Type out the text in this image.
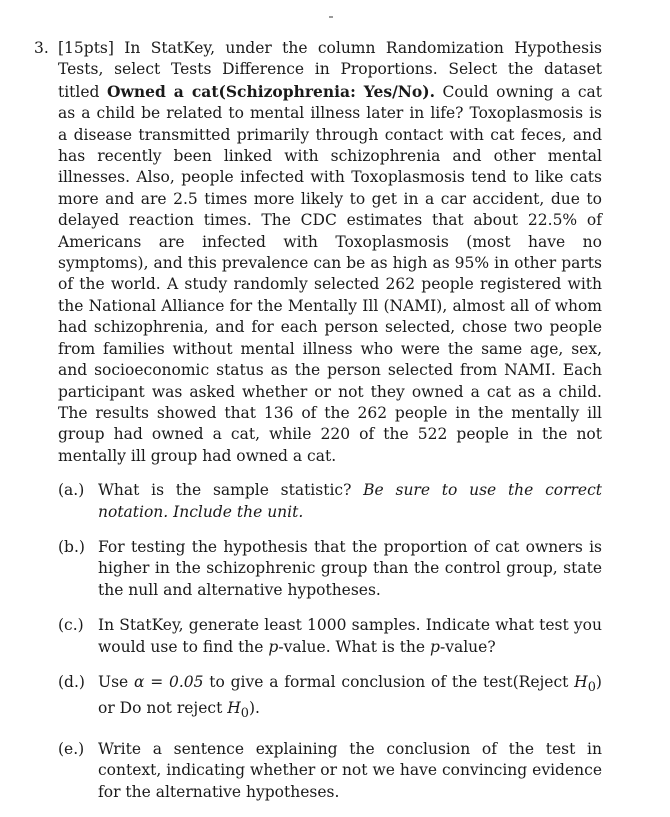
3. [15pts] In StatKey, under the column Randomization Hypothesis Tests, select Tests Difference in Proportions. Select the dataset titled Owned a cat(Schizophrenia: Yes/No). Could owning a cat as a child be related to mental illness later in life? Toxoplasmosis is a disease transmitted primarily through contact with cat feces, and has recently been linked with schizophrenia and other mental illnesses. Also, people infected with Toxoplasmosis tend to like cats more and are 2.5 times more likely to get in a car accident, due to delayed reaction times. The CDC estimates that about 22.5% of Americans are infected with Toxoplasmosis (most have no symptoms), and this prevalence can be as high as 95% in other parts of the world. A study randomly selected 262 people registered with the National Alliance for the Mentally Ill (NAMI), almost all of whom had schizophrenia, and for each person selected, chose two people from families without mental illness who were the same age, sex, and socioeconomic status as the person selected from NAMI. Each participant was asked whether or not they owned a cat as a child. The results showed that 136 of the 262 people in the mentally ill group had owned a cat, while 220 of the 522 people in the not mentally ill group had owned a cat.
(a.) What is the sample statistic? Be sure to use the correct notation. Include the unit.
(b.) For testing the hypothesis that the proportion of cat owners is higher in the schizophrenic group than the control group, state the null and alternative hypotheses.
(c.) In StatKey, generate least 1000 samples. Indicate what test you would use to find the p-value. What is the p-value?
(d.) Use α = 0.05 to give a formal conclusion of the test(Reject $H_0$) or Do not reject $H_0$).
(e.) Write a sentence explaining the conclusion of the test in context, indicating whether or not we have convincing evidence for the alternative hypotheses.
